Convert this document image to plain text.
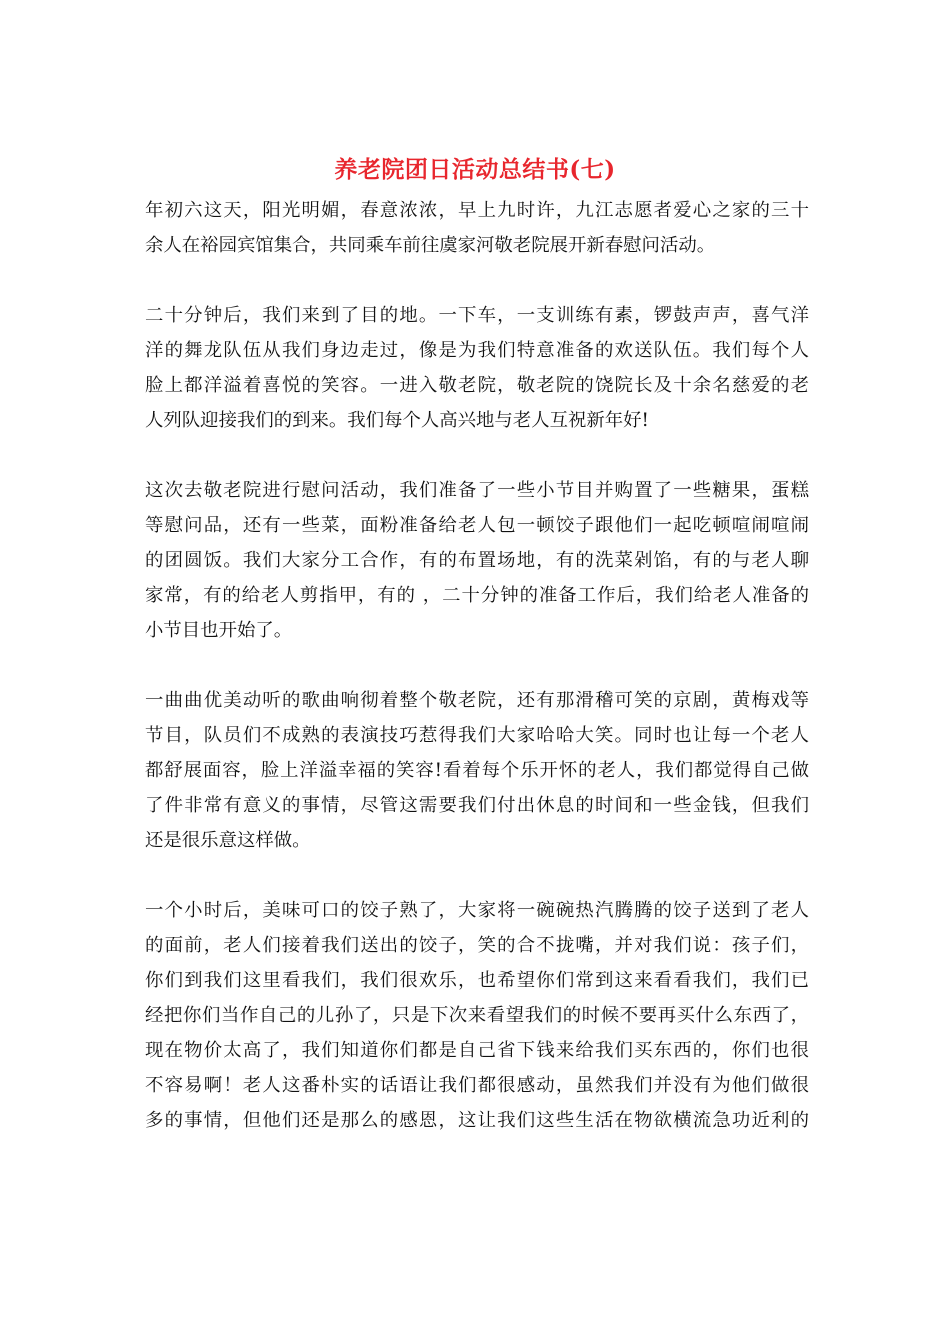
养老院团日活动总结书(七)

年初六这天，阳光明媚，春意浓浓，早上九时许，九江志愿者爱心之家的三十
余人在裕园宾馆集合，共同乘车前往虞家河敬老院展开新春慰问活动。

二十分钟后，我们来到了目的地。一下车，一支训练有素，锣鼓声声，喜气洋
洋的舞龙队伍从我们身边走过，像是为我们特意准备的欢送队伍。我们每个人
脸上都洋溢着喜悦的笑容。一进入敬老院，敬老院的饶院长及十余名慈爱的老
人列队迎接我们的到来。我们每个人高兴地与老人互祝新年好!

这次去敬老院进行慰问活动，我们准备了一些小节目并购置了一些糖果，蛋糕
等慰问品，还有一些菜，面粉准备给老人包一顿饺子跟他们一起吃顿喧闹喧闹
的团圆饭。我们大家分工合作，有的布置场地，有的洗菜剁馅，有的与老人聊
家常，有的给老人剪指甲，有的 ，二十分钟的准备工作后，我们给老人准备的
小节目也开始了。

一曲曲优美动听的歌曲响彻着整个敬老院，还有那滑稽可笑的京剧，黄梅戏等
节目，队员们不成熟的表演技巧惹得我们大家哈哈大笑。同时也让每一个老人
都舒展面容，脸上洋溢幸福的笑容!看着每个乐开怀的老人，我们都觉得自己做
了件非常有意义的事情，尽管这需要我们付出休息的时间和一些金钱，但我们
还是很乐意这样做。

一个小时后，美味可口的饺子熟了，大家将一碗碗热汽腾腾的饺子送到了老人
的面前，老人们接着我们送出的饺子，笑的合不拢嘴，并对我们说：孩子们，
你们到我们这里看我们，我们很欢乐，也希望你们常到这来看看我们，我们已
经把你们当作自己的儿孙了，只是下次来看望我们的时候不要再买什么东西了，
现在物价太高了，我们知道你们都是自己省下钱来给我们买东西的，你们也很
不容易啊！老人这番朴实的话语让我们都很感动，虽然我们并没有为他们做很
多的事情，但他们还是那么的感恩，这让我们这些生活在物欲横流急功近利的
